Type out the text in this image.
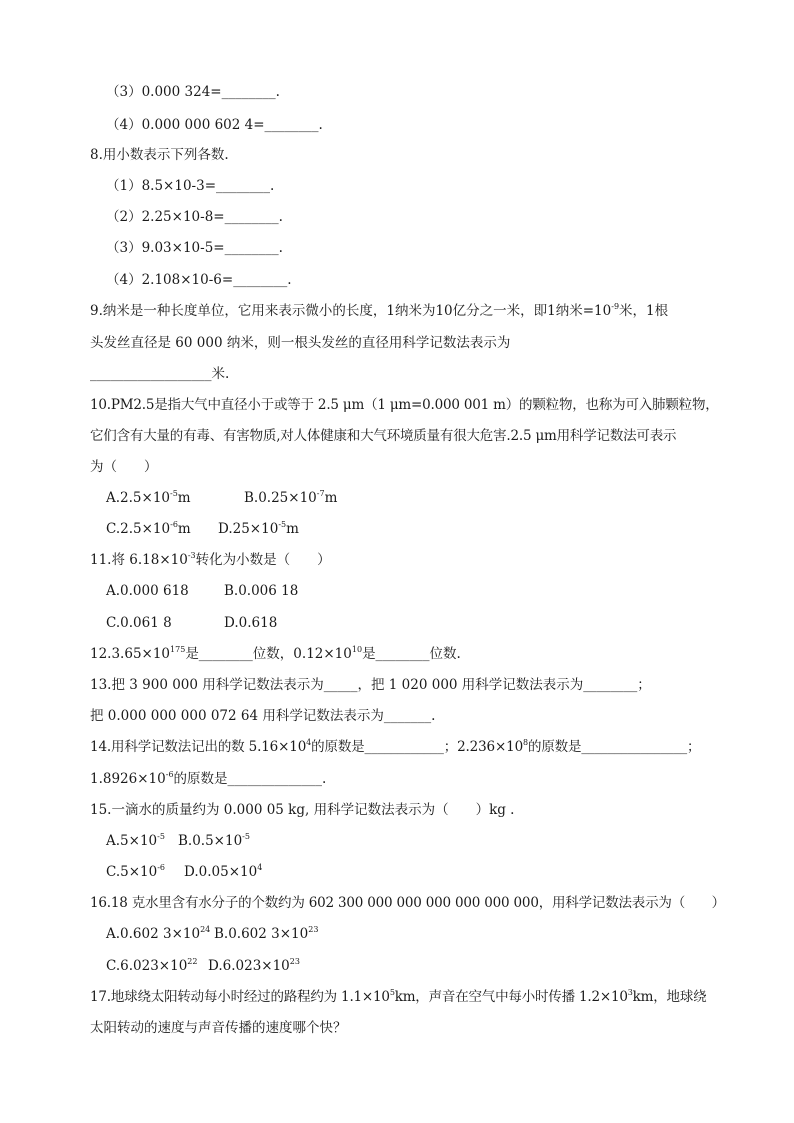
（3）0.000 324=________.
（4）0.000 000 602 4=________.
8.用小数表示下列各数.
（1）8.5×10-3=________.
（2）2.25×10-8=________.
（3）9.03×10-5=________.
（4）2.108×10-6=________.
9.纳米是一种长度单位，它用来表示微小的长度，1纳米为10亿分之一米，即1纳米$=10^{-9}$米，1根
头发丝直径是 60 000 纳米，则一根头发丝的直径用科学记数法表示为
__________________米.
10.PM2.5是指大气中直径小于或等于 2.5 μm（1 μm=0.000 001 m）的颗粒物，也称为可入肺颗粒物，
它们含有大量的有毒、有害物质,对人体健康和大气环境质量有很大危害.2.5 μm用科学记数法可表示
为（　　）
$A.2.5\times 10^{-5}m$	$B.0.25\times 10^{-7}m$
$C.2.5\times 10^{-6}m$ $D.25\times 10^{-5}m$
11.将 $6.18\times 10^{-3}$转化为小数是（　　）
A.0.000 618	B.0.006 18
C.0.061 8	D.0.618
$12.3.65\times 10^{175}$是________位数，$0.12\times 10^{10}$是________位数.
13.把 3 900 000 用科学记数法表示为_____，把 1 020 000 用科学记数法表示为________；
把 0.000 000 000 072 64 用科学记数法表示为_______.
14.用科学记数法记出的数 $5.16\times 10^4$的原数是____________；$2.236\times 10^8$的原数是________________；
$1.8926\times 10^{-6}$的原数是______________.
15.一滴水的质量约为 0.000 05 kg, 用科学记数法表示为（　　）kg .
$A.5\times 10^{-5}$ $B.0.5\times 10^{-5}$
$C.5\times 10^{-6}$ $D.0.05\times 10^4$
16.18 克水里含有水分子的个数约为 602 300 000 000 000 000 000 000，用科学记数法表示为（　　）
A.0.602 $3\times 10^{24}$ B.0.602 $3\times 10^{23}$
$C.6.023\times 10^{22}$ $D.6.023\times 10^{23}$
17.地球绕太阳转动每小时经过的路程约为 $1.1\times 10^5km$，声音在空气中每小时传播 $1.2\times 10^3km$，地球绕
太阳转动的速度与声音传播的速度哪个快？
